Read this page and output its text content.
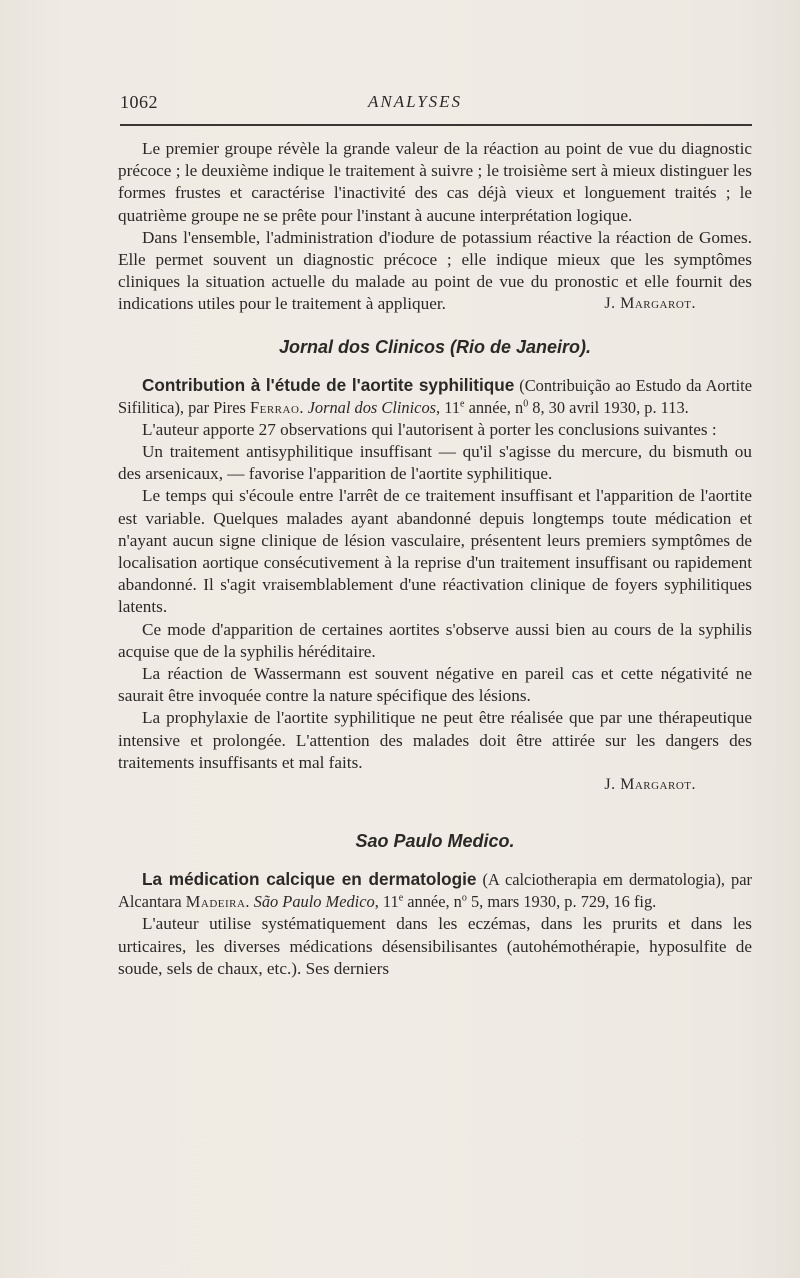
1062	ANALYSES

Le premier groupe révèle la grande valeur de la réaction au point de vue du diagnostic précoce ; le deuxième indique le traitement à suivre ; le troisième sert à mieux distinguer les formes frustes et caractérise l'inactivité des cas déjà vieux et longuement traités ; le quatrième groupe ne se prête pour l'instant à aucune interprétation logique.

Dans l'ensemble, l'administration d'iodure de potassium réactive la réaction de Gomes. Elle permet souvent un diagnostic précoce ; elle indique mieux que les symptômes cliniques la situation actuelle du malade au point de vue du pronostic et elle fournit des indications utiles pour le traitement à appliquer.	J. Margarot.

Jornal dos Clinicos (Rio de Janeiro).

Contribution à l'étude de l'aortite syphilitique (Contribuição ao Estudo da Aortite Sifilitica), par Pires Ferrao. Jornal dos Clinicos, 11e année, $n^0$ 8, 30 avril 1930, p. 113.

L'auteur apporte 27 observations qui l'autorisent à porter les conclusions suivantes :

Un traitement antisyphilitique insuffisant — qu'il s'agisse du mercure, du bismuth ou des arsenicaux, — favorise l'apparition de l'aortite syphilitique.

Le temps qui s'écoule entre l'arrêt de ce traitement insuffisant et l'apparition de l'aortite est variable. Quelques malades ayant abandonné depuis longtemps toute médication et n'ayant aucun signe clinique de lésion vasculaire, présentent leurs premiers symptômes de localisation aortique consécutivement à la reprise d'un traitement insuffisant ou rapidement abandonné. Il s'agit vraisemblablement d'une réactivation clinique de foyers syphilitiques latents.

Ce mode d'apparition de certaines aortites s'observe aussi bien au cours de la syphilis acquise que de la syphilis héréditaire.

La réaction de Wassermann est souvent négative en pareil cas et cette négativité ne saurait être invoquée contre la nature spécifique des lésions.

La prophylaxie de l'aortite syphilitique ne peut être réalisée que par une thérapeutique intensive et prolongée. L'attention des malades doit être attirée sur les dangers des traitements insuffisants et mal faits.

J. Margarot.
Sao Paulo Medico.

La médication calcique en dermatologie (A calciotherapia em dermatologia), par Alcantara Madeira. São Paulo Medico, 11e année, $n^o$ 5, mars 1930, p. 729, 16 fig.

L'auteur utilise systématiquement dans les eczémas, dans les prurits et dans les urticaires, les diverses médications désensibilisantes (autohémothérapie, hyposulfite de soude, sels de chaux, etc.). Ses derniers
